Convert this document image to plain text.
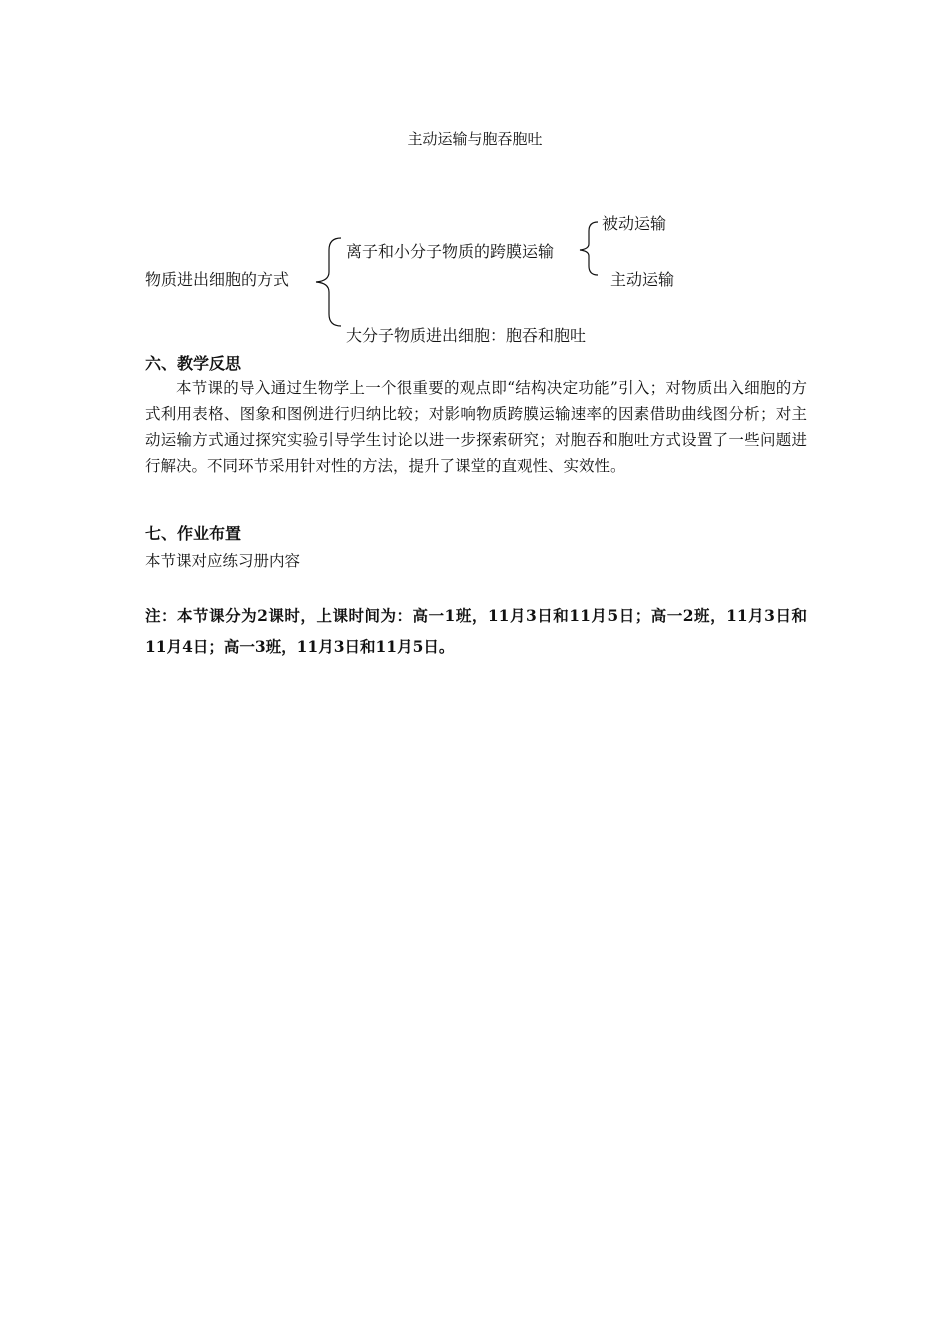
主动运输与胞吞胞吐
物质进出细胞的方式
离子和小分子物质的跨膜运输
被动运输
主动运输
大分子物质进出细胞：胞吞和胞吐
六、教学反思
本节课的导入通过生物学上一个很重要的观点即“结构决定功能”引入；对物质出入细胞的方式利用表格、图象和图例进行归纳比较；对影响物质跨膜运输速率的因素借助曲线图分析；对主动运输方式通过探究实验引导学生讨论以进一步探索研究；对胞吞和胞吐方式设置了一些问题进行解决。不同环节采用针对性的方法，提升了课堂的直观性、实效性。
七、作业布置
本节课对应练习册内容
注：本节课分为2课时，上课时间为：高一1班，11月3日和11月5日；高一2班，11月3日和11月4日；高一3班，11月3日和11月5日。
